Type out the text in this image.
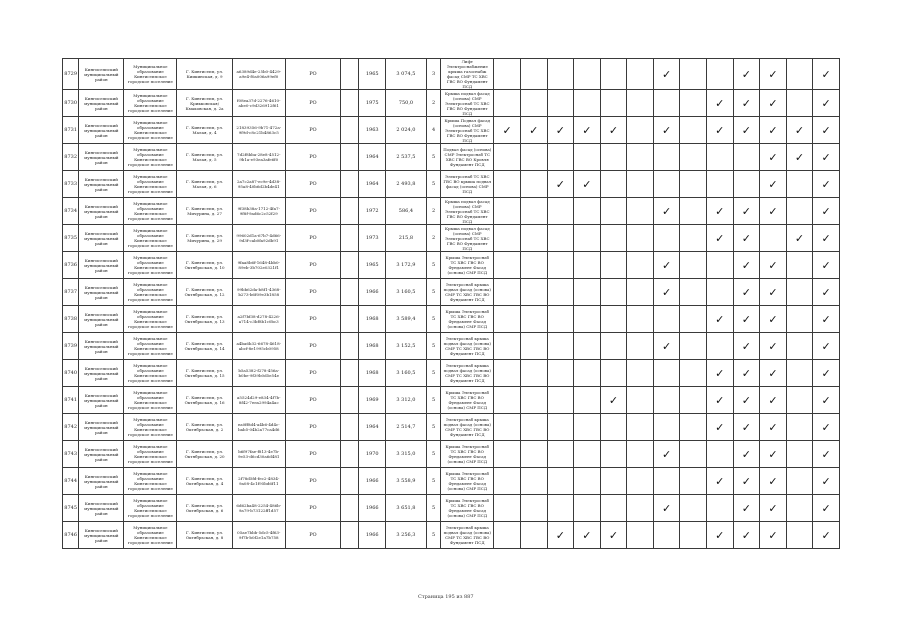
8729	Кингисеппский муниципальный район	Муниципальное образование Кингисеппское городское поселение	Г. Кингисепп, ул. Киикинская, д. 9	a6389d4e-25b0-4429-a9e4-f0a006a99ef0	РО		1965	3 074,5	3	Лифт Электроснабжение крыша газоснабж фасад СМР ТС ХВС ГВС ВО Фундамент ПСД							✓			✓	✓		✓
8730	Кингисеппский муниципальный район	Муниципальное образование Кингисеппское городское поселение	Г. Кингисепп, ул. Крикковская/Кмаковская, д. 2а	f08ea37d-2276-4610-abe0-c9d326912f61	РО		1975	750,0	2	Крыша подвал фасад (основа) СМР Электроснаб ТС ХВС ГВС ВО Фундамент ПСД									✓	✓	✓		✓
8731	Кингисеппский муниципальный район	Муниципальное образование Кингисеппское городское поселение	Г. Кингисепп, ул. Малая, д. 4	21839356-9b71-472a-9f9d-c8c21b4863c5	РО		1963	2 024,0	4	Крыша Подвал фасад (основа) СМР Электроснаб ТС ХВС ГВС ВО Фундамент ПСД	✓	✓	✓	✓	✓		✓		✓	✓	✓	✓	✓
8732	Кингисеппский муниципальный район	Муниципальное образование Кингисеппское городское поселение	Г. Кингисепп, ул. Малая, д. 5	7d2f8bba-28e8-4512-9b1a-e93ea3afe6f0	РО		1964	2 537,5	5	Подвал фасад (основа) СМР Электроснаб ТС ХВС ГВС ВО Кровля Фундамент ПСД											✓	✓	✓
8733	Кингисеппский муниципальный район	Муниципальное образование Кингисеппское городское поселение	Г. Кингисепп, ул. Малая, д. 6	2a7c2a87-ec9e-4d38-95a8-40b6d2b4de41	РО		1964	2 493,8	5	Электроснаб ТС ХВС ГВС ВО крыша подвал фасад (основа) СМР ПСД			✓	✓							✓		✓
8734	Кингисеппский муниципальный район	Муниципальное образование Кингисеппское городское поселение	Г. Кингисепп, ул. Мичурина, д. 27	9f38b38a-1712-4fa7-9f8f-9ad6c2c52f29	РО		1972	586,4	2	Крыша подвал фасад (основа) СМР Электроснаб ТС ХВС ГВС ВО Фундамент ПСД							✓		✓	✓	✓		✓
8735	Кингисеппский муниципальный район	Муниципальное образование Кингисеппское городское поселение	Г. Кингисепп, ул. Мичурина, д. 29	99602d1a-67b7-4d66-9d3f-cab0fa92db91	РО		1973	215,8	2	Крыша подвал фасад (основа) СМР Электроснаб ТС ХВС ГВС ВО Фундамент ПСД									✓	✓		✓	✓
8736	Кингисеппский муниципальный район	Муниципальное образование Кингисеппское городское поселение	Г. Кингисепп, ул. Октябрьская, д. 10	9faa8b6f-1648-4bb0-89eb-3b702e0321f1	РО		1965	3 172,9	5	Крыша Электроснаб ТС ХВС ГВС ВО Фундамент Фасад (основа) СМР ПСД							✓			✓	✓		✓
8737	Кингисеппский муниципальный район	Муниципальное образование Кингисеппское городское поселение	Г. Кингисепп, ул. Октябрьская, д. 12	99bb62da-b8f1-4368-b273-b6f09e3b1858	РО		1966	3 160,5	5	Электроснаб крыша подвал фасад (основа) СМР ТС ХВС ГВС ВО Фундамент ПСД							✓			✓	✓		✓
8738	Кингисеппский муниципальный район	Муниципальное образование Кингисеппское городское поселение	Г. Кингисепп, ул. Октябрьская, д. 13	a2f7bf38-d278-4226-a714-c3bf8b1c0bc3	РО		1968	3 589,4	5	Крыша Электроснаб ТС ХВС ГВС ВО Фундамент Фасад (основа) СМР ПСД									✓	✓	✓		✓
8739	Кингисеппский муниципальный район	Муниципальное образование Кингисеппское городское поселение	Г. Кингисепп, ул. Октябрьская, д. 14	a4ba6b32-6678-4618-abcf-8e1995cb0958	РО		1968	3 152,5	5	Электроснаб крыша подвал фасад (основа) СМР ТС ХВС ГВС ВО Фундамент ПСД							✓			✓	✓		✓
8740	Кингисеппский муниципальный район	Муниципальное образование Кингисеппское городское поселение	Г. Кингисепп, ул. Октябрьская, д. 15	b5a5382-f278-456a-b0be-9f39b0d5e54e	РО		1968	3 160,5	5	Электроснаб крыша подвал фасад (основа) СМР ТС ХВС ГВС ВО Фундамент ПСД									✓	✓	✓		✓
8741	Кингисеппский муниципальный район	Муниципальное образование Кингисеппское городское поселение	Г. Кингисепп, ул. Октябрьская, д. 16	a5524d29-e834-4f7b-8f42-7eea2994a4ac	РО		1969	3 312,0	5	Крыша Электроснаб ТС ХВС ГВС ВО Фундамент Фасад (основа) СМР ПСД					✓				✓	✓	✓		✓
8742	Кингисеппский муниципальный район	Муниципальное образование Кингисеппское городское поселение	Г. Кингисепп, ул. Октябрьская, д. 2	ea0ff8d4-a4b6-4d4c-bab5-04b2a77ca4d6	РО		1964	2 514,7	5	Электроснаб крыша подвал фасад (основа) СМР ТС ХВС ГВС ВО Фундамент ПСД									✓	✓	✓		✓
8743	Кингисеппский муниципальный район	Муниципальное образование Кингисеппское городское поселение	Г. Кингисепп, ул. Октябрьская, д. 20	b6f97fae-f813-4e7b-9e53-d6cd30a6d481	РО		1970	3 315,0	5	Крыша Электроснаб ТС ХВС ГВС ВО Фундамент Фасад (основа) СМР ПСД							✓			✓	✓		✓
8744	Кингисеппский муниципальный район	Муниципальное образование Кингисеппское городское поселение	Г. Кингисепп, ул. Октябрьская, д. 4	2f78d5fd-fec2-4834-9a08-4c1f95bd6f11	РО		1966	3 558,9	5	Крыша Электроснаб ТС ХВС ГВС ВО Фундамент Фасад (основа) СМР ПСД									✓	✓	✓		✓
8745	Кингисеппский муниципальный район	Муниципальное образование Кингисеппское городское поселение	Г. Кингисепп, ул. Октябрьская, д. 6	6d62ba48-2254-486b-9a79-b73122ff1d57	РО		1966	3 651,8	5	Крыша Электроснаб ТС ХВС ГВС ВО Фундамент Фасад (основа) СМР ПСД							✓			✓	✓		✓
8746	Кингисеппский муниципальный район	Муниципальное образование Кингисеппское городское поселение	Г. Кингисепп, ул. Октябрьская, д. 8	05ae7bbb-5dc5-4f63-9f7b-b0f2e1a7b758	РО		1966	3 256,3	5	Электроснаб крыша подвал фасад (основа) СМР ТС ХВС ГВС ВО Фундамент ПСД			✓	✓	✓				✓	✓	✓		✓
Страница 195 из 887
